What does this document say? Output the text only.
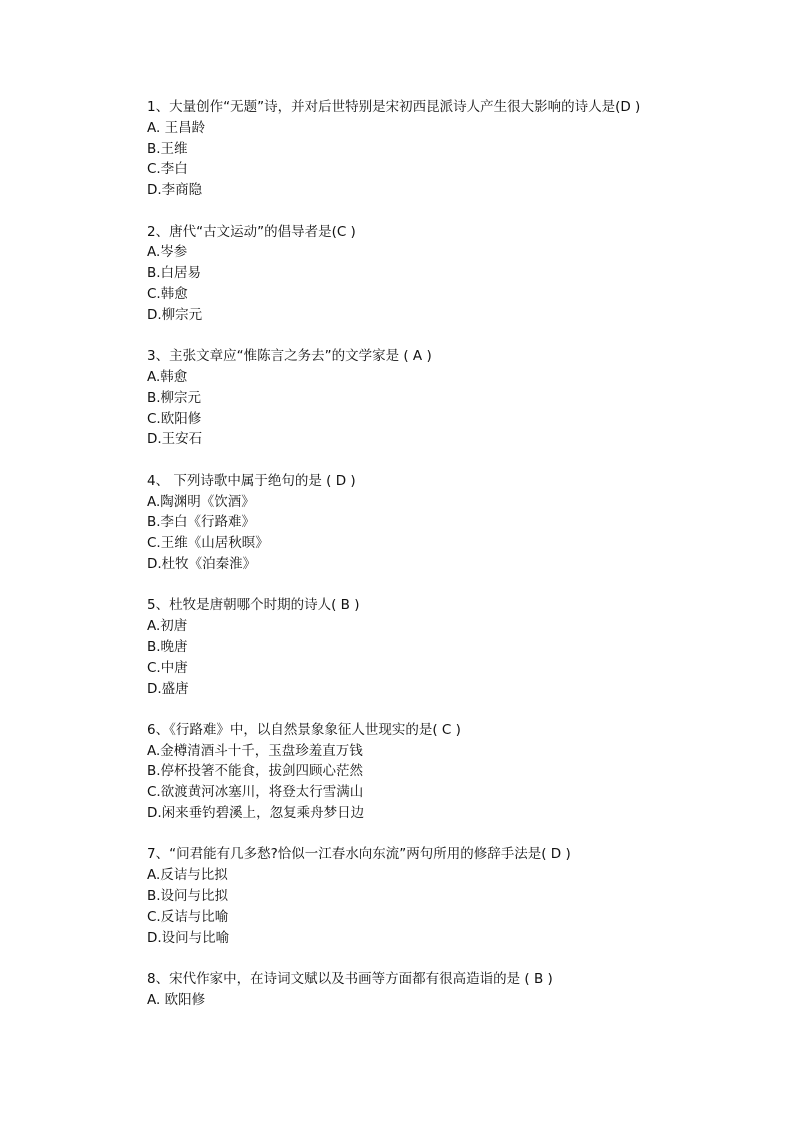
1、大量创作“无题”诗，并对后世特别是宋初西昆派诗人产生很大影响的诗人是(D )
A. 王昌龄
B.王维
C.李白
D.李商隐
2、唐代“古文运动”的倡导者是(C )
A.岑参
B.白居易
C.韩愈
D.柳宗元
3、主张文章应“惟陈言之务去”的文学家是 ( A )
A.韩愈
B.柳宗元
C.欧阳修
D.王安石
4、 下列诗歌中属于绝句的是 ( D )
A.陶渊明《饮酒》
B.李白《行路难》
C.王维《山居秋暝》
D.杜牧《泊秦淮》
5、杜牧是唐朝哪个时期的诗人( B )
A.初唐
B.晚唐
C.中唐
D.盛唐
6、《行路难》中，以自然景象象征人世现实的是( C )
A.金樽清酒斗十千，玉盘珍羞直万钱
B.停杯投箸不能食，拔剑四顾心茫然
C.欲渡黄河冰塞川，将登太行雪满山
D.闲来垂钓碧溪上，忽复乘舟梦日边
7、“问君能有几多愁?恰似一江春水向东流”两句所用的修辞手法是( D )
A.反诘与比拟
B.设问与比拟
C.反诘与比喻
D.设问与比喻
8、宋代作家中，在诗词文赋以及书画等方面都有很高造诣的是 ( B )
A. 欧阳修
